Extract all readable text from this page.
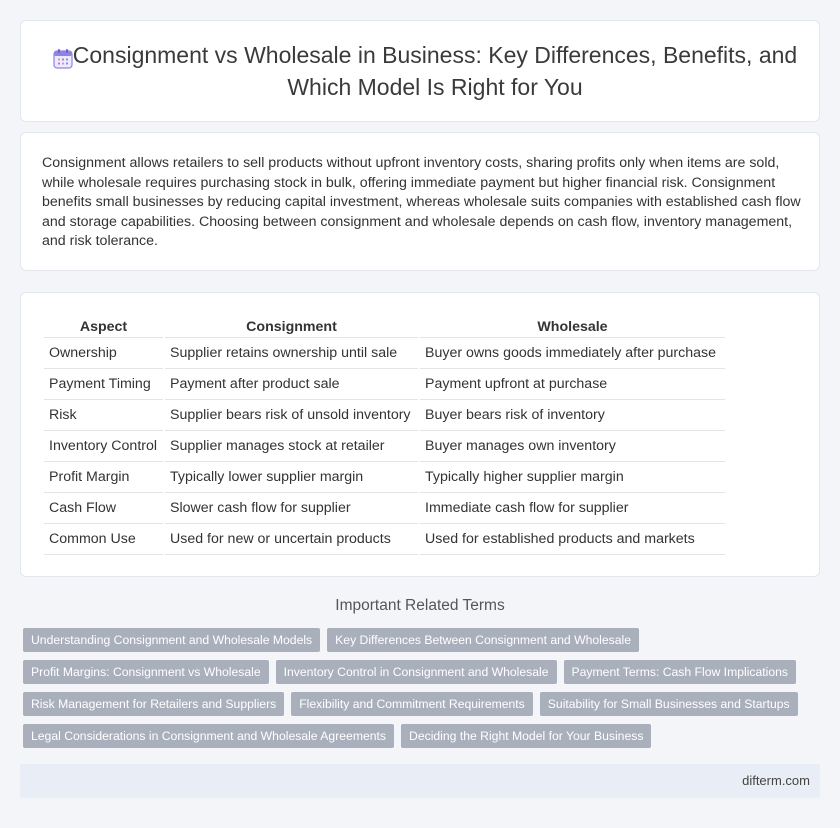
Consignment vs Wholesale in Business: Key Differences, Benefits, and Which Model Is Right for You

Consignment allows retailers to sell products without upfront inventory costs, sharing profits only when items are sold, while wholesale requires purchasing stock in bulk, offering immediate payment but higher financial risk. Consignment benefits small businesses by reducing capital investment, whereas wholesale suits companies with established cash flow and storage capabilities. Choosing between consignment and wholesale depends on cash flow, inventory management, and risk tolerance.

Aspect	Consignment	Wholesale
Ownership	Supplier retains ownership until sale	Buyer owns goods immediately after purchase
Payment Timing	Payment after product sale	Payment upfront at purchase
Risk	Supplier bears risk of unsold inventory	Buyer bears risk of inventory
Inventory Control	Supplier manages stock at retailer	Buyer manages own inventory
Profit Margin	Typically lower supplier margin	Typically higher supplier margin
Cash Flow	Slower cash flow for supplier	Immediate cash flow for supplier
Common Use	Used for new or uncertain products	Used for established products and markets
Important Related Terms
Understanding Consignment and Wholesale Models	Key Differences Between Consignment and Wholesale
Profit Margins: Consignment vs Wholesale	Inventory Control in Consignment and Wholesale	Payment Terms: Cash Flow Implications
Risk Management for Retailers and Suppliers	Flexibility and Commitment Requirements	Suitability for Small Businesses and Startups
Legal Considerations in Consignment and Wholesale Agreements	Deciding the Right Model for Your Business
difterm.com
